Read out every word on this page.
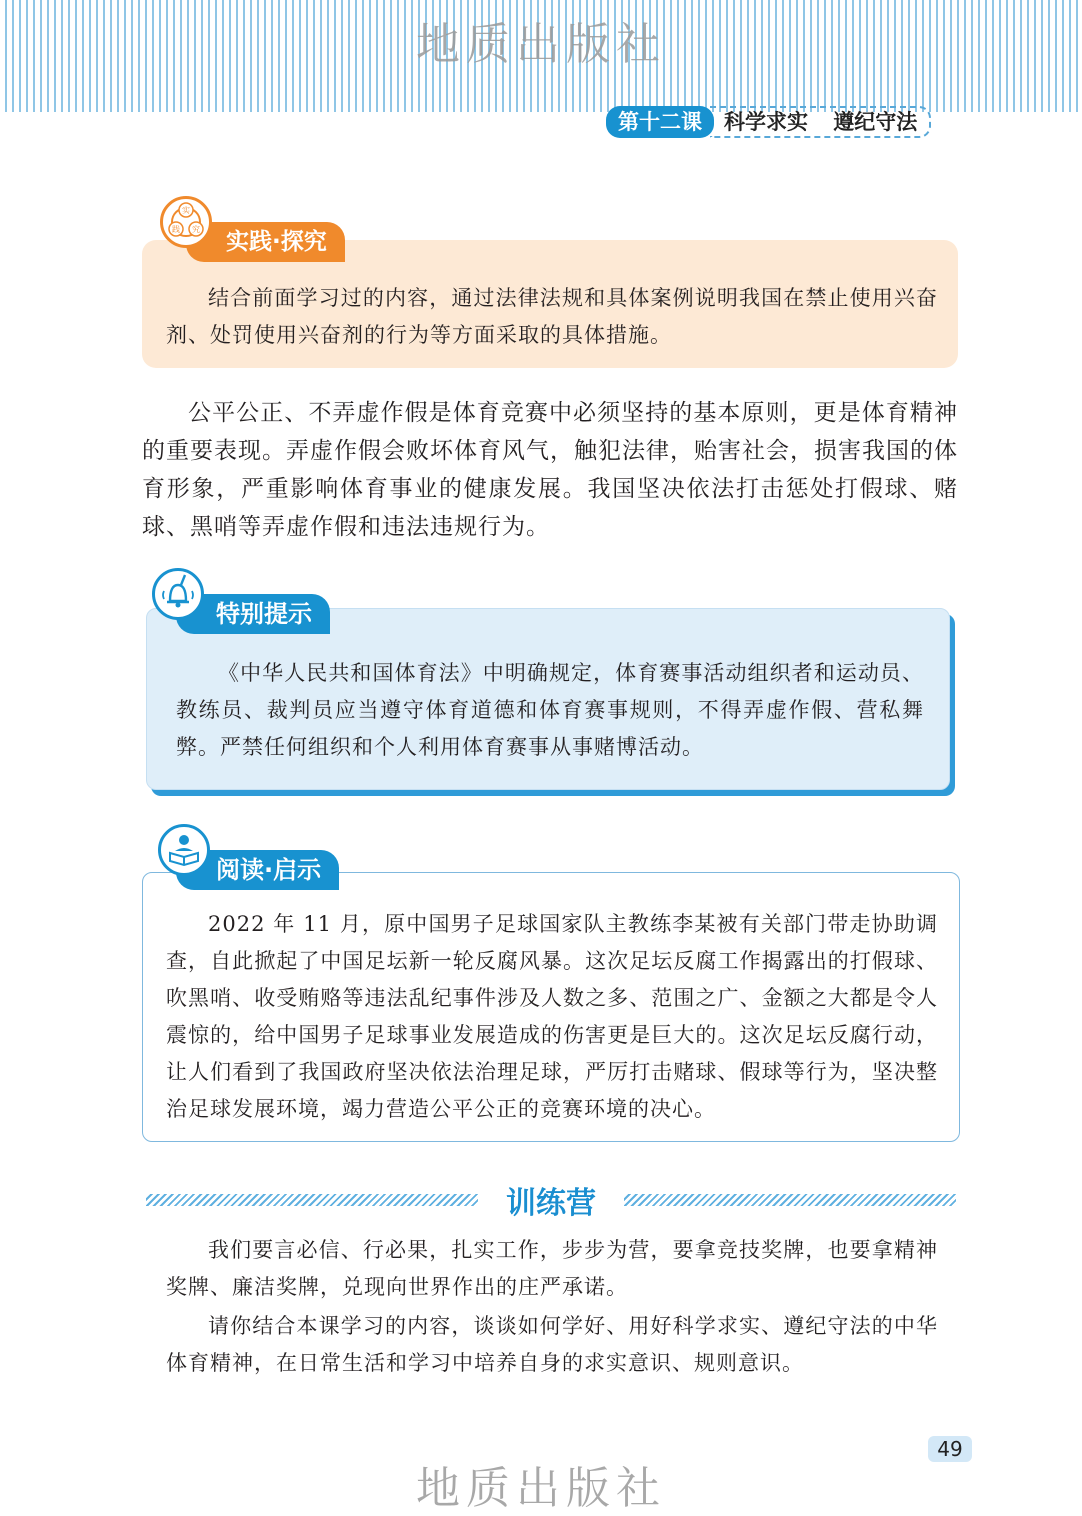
地质出版社
第十二课	科学求实 遵纪守法
实践·探究
实
践 究

结合前面学习过的内容，通过法律法规和具体案例说明我国在禁止使用兴奋剂、处罚使用兴奋剂的行为等方面采取的具体措施。

公平公正、不弄虚作假是体育竞赛中必须坚持的基本原则，更是体育精神的重要表现。弄虚作假会败坏体育风气，触犯法律，贻害社会，损害我国的体育形象，严重影响体育事业的健康发展。我国坚决依法打击惩处打假球、赌球、黑哨等弄虚作假和违法违规行为。

特别提示

《中华人民共和国体育法》中明确规定，体育赛事活动组织者和运动员、教练员、裁判员应当遵守体育道德和体育赛事规则，不得弄虚作假、营私舞弊。严禁任何组织和个人利用体育赛事从事赌博活动。

阅读·启示

2022 年 11 月，原中国男子足球国家队主教练李某被有关部门带走协助调查，自此掀起了中国足坛新一轮反腐风暴。这次足坛反腐工作揭露出的打假球、吹黑哨、收受贿赂等违法乱纪事件涉及人数之多、范围之广、金额之大都是令人震惊的，给中国男子足球事业发展造成的伤害更是巨大的。这次足坛反腐行动，让人们看到了我国政府坚决依法治理足球，严厉打击赌球、假球等行为，坚决整治足球发展环境，竭力营造公平公正的竞赛环境的决心。

训练营

我们要言必信、行必果，扎实工作，步步为营，要拿竞技奖牌，也要拿精神奖牌、廉洁奖牌，兑现向世界作出的庄严承诺。

请你结合本课学习的内容，谈谈如何学好、用好科学求实、遵纪守法的中华体育精神，在日常生活和学习中培养自身的求实意识、规则意识。

49
地质出版社
